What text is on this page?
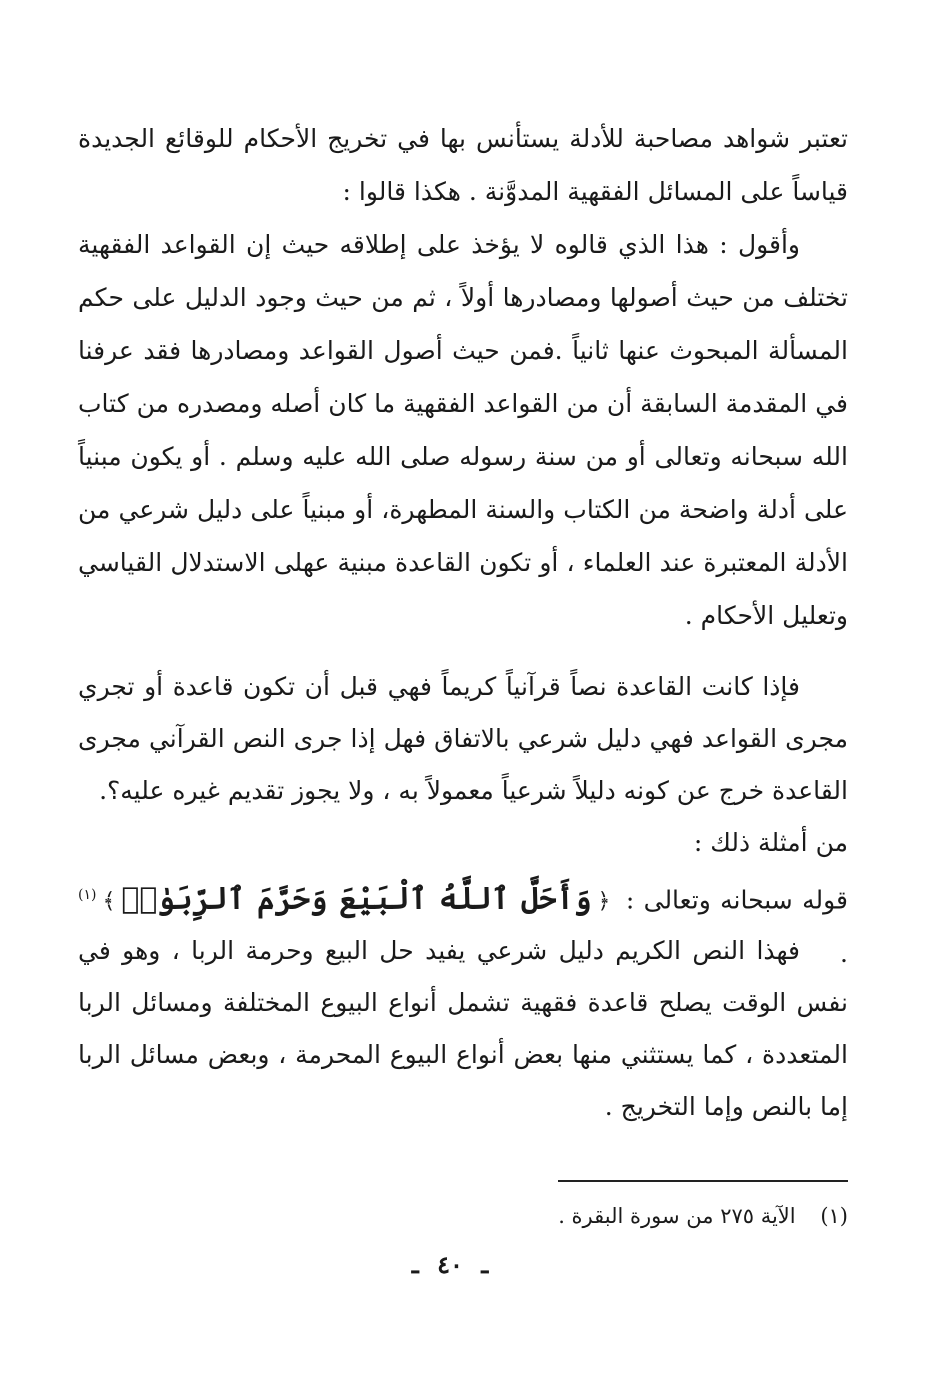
تعتبر شواهد مصاحبة للأدلة يستأنس بها في تخريج الأحكام للوقائع الجديدة قياساً على المسائل الفقهية المدوَّنة . هكذا قالوا :

وأقول : هذا الذي قالوه لا يؤخذ على إطلاقه حيث إن القواعد الفقهية تختلف من حيث أصولها ومصادرها أولاً ، ثم من حيث وجود الدليل على حكم المسألة المبحوث عنها ثانياً .فمن حيث أصول القواعد ومصادرها فقد عرفنا في المقدمة السابقة أن من القواعد الفقهية ما كان أصله ومصدره من كتاب الله سبحانه وتعالى أو من سنة رسوله صلى الله عليه وسلم . أو يكون مبنياً على أدلة واضحة من الكتاب والسنة المطهرة، أو مبنياً على دليل شرعي من الأدلة المعتبرة عند العلماء ، أو تكون القاعدة مبنية عهلى الاستدلال القياسي وتعليل الأحكام .

فإذا كانت القاعدة نصاً قرآنياً كريماً فهي قبل أن تكون قاعدة أو تجري مجرى القواعد فهي دليل شرعي بالاتفاق فهل إذا جرى النص القرآني مجرى القاعدة خرج عن كونه دليلاً شرعياً معمولاً به ، ولا يجوز تقديم غيره عليه؟.

من أمثلة ذلك :

قوله سبحانه وتعالى : ﴿وَأَحَلَّ ٱللَّهُ ٱلْبَيْعَ وَحَرَّمَ ٱلرِّبَوٰا۟﴾$^{(١)}$ .

فهذا النص الكريم دليل شرعي يفيد حل البيع وحرمة الربا ، وهو في نفس الوقت يصلح قاعدة فقهية تشمل أنواع البيوع المختلفة ومسائل الربا المتعددة ، كما يستثني منها بعض أنواع البيوع المحرمة ، وبعض مسائل الربا إما بالنص وإما التخريج .

(١) الآية ٢٧٥ من سورة البقرة .
ـ ٤٠ ـ
